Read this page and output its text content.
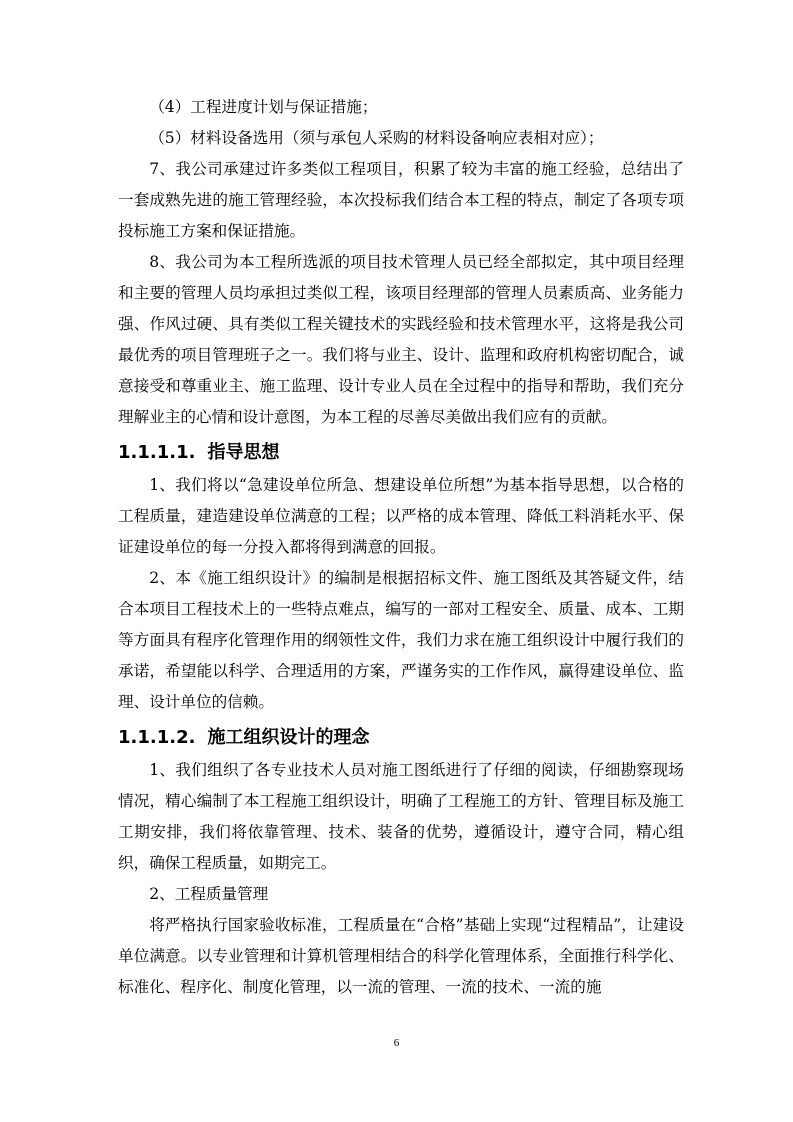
（4）工程进度计划与保证措施；

（5）材料设备选用（须与承包人采购的材料设备响应表相对应）；

7、我公司承建过许多类似工程项目，积累了较为丰富的施工经验，总结出了一套成熟先进的施工管理经验，本次投标我们结合本工程的特点，制定了各项专项投标施工方案和保证措施。

8、我公司为本工程所选派的项目技术管理人员已经全部拟定，其中项目经理和主要的管理人员均承担过类似工程，该项目经理部的管理人员素质高、业务能力强、作风过硬、具有类似工程关键技术的实践经验和技术管理水平，这将是我公司最优秀的项目管理班子之一。我们将与业主、设计、监理和政府机构密切配合，诚意接受和尊重业主、施工监理、设计专业人员在全过程中的指导和帮助，我们充分理解业主的心情和设计意图，为本工程的尽善尽美做出我们应有的贡献。

1.1.1.1. 指导思想

1、我们将以“急建设单位所急、想建设单位所想”为基本指导思想，以合格的工程质量，建造建设单位满意的工程；以严格的成本管理、降低工料消耗水平、保证建设单位的每一分投入都将得到满意的回报。

2、本《施工组织设计》的编制是根据招标文件、施工图纸及其答疑文件，结合本项目工程技术上的一些特点难点，编写的一部对工程安全、质量、成本、工期等方面具有程序化管理作用的纲领性文件，我们力求在施工组织设计中履行我们的承诺，希望能以科学、合理适用的方案，严谨务实的工作作风，赢得建设单位、监理、设计单位的信赖。

1.1.1.2. 施工组织设计的理念

1、我们组织了各专业技术人员对施工图纸进行了仔细的阅读，仔细勘察现场情况，精心编制了本工程施工组织设计，明确了工程施工的方针、管理目标及施工工期安排，我们将依靠管理、技术、装备的优势，遵循设计，遵守合同，精心组织，确保工程质量，如期完工。

2、工程质量管理

将严格执行国家验收标准，工程质量在“合格”基础上实现“过程精品”，让建设单位满意。以专业管理和计算机管理相结合的科学化管理体系，全面推行科学化、标准化、程序化、制度化管理，以一流的管理、一流的技术、一流的施

6
